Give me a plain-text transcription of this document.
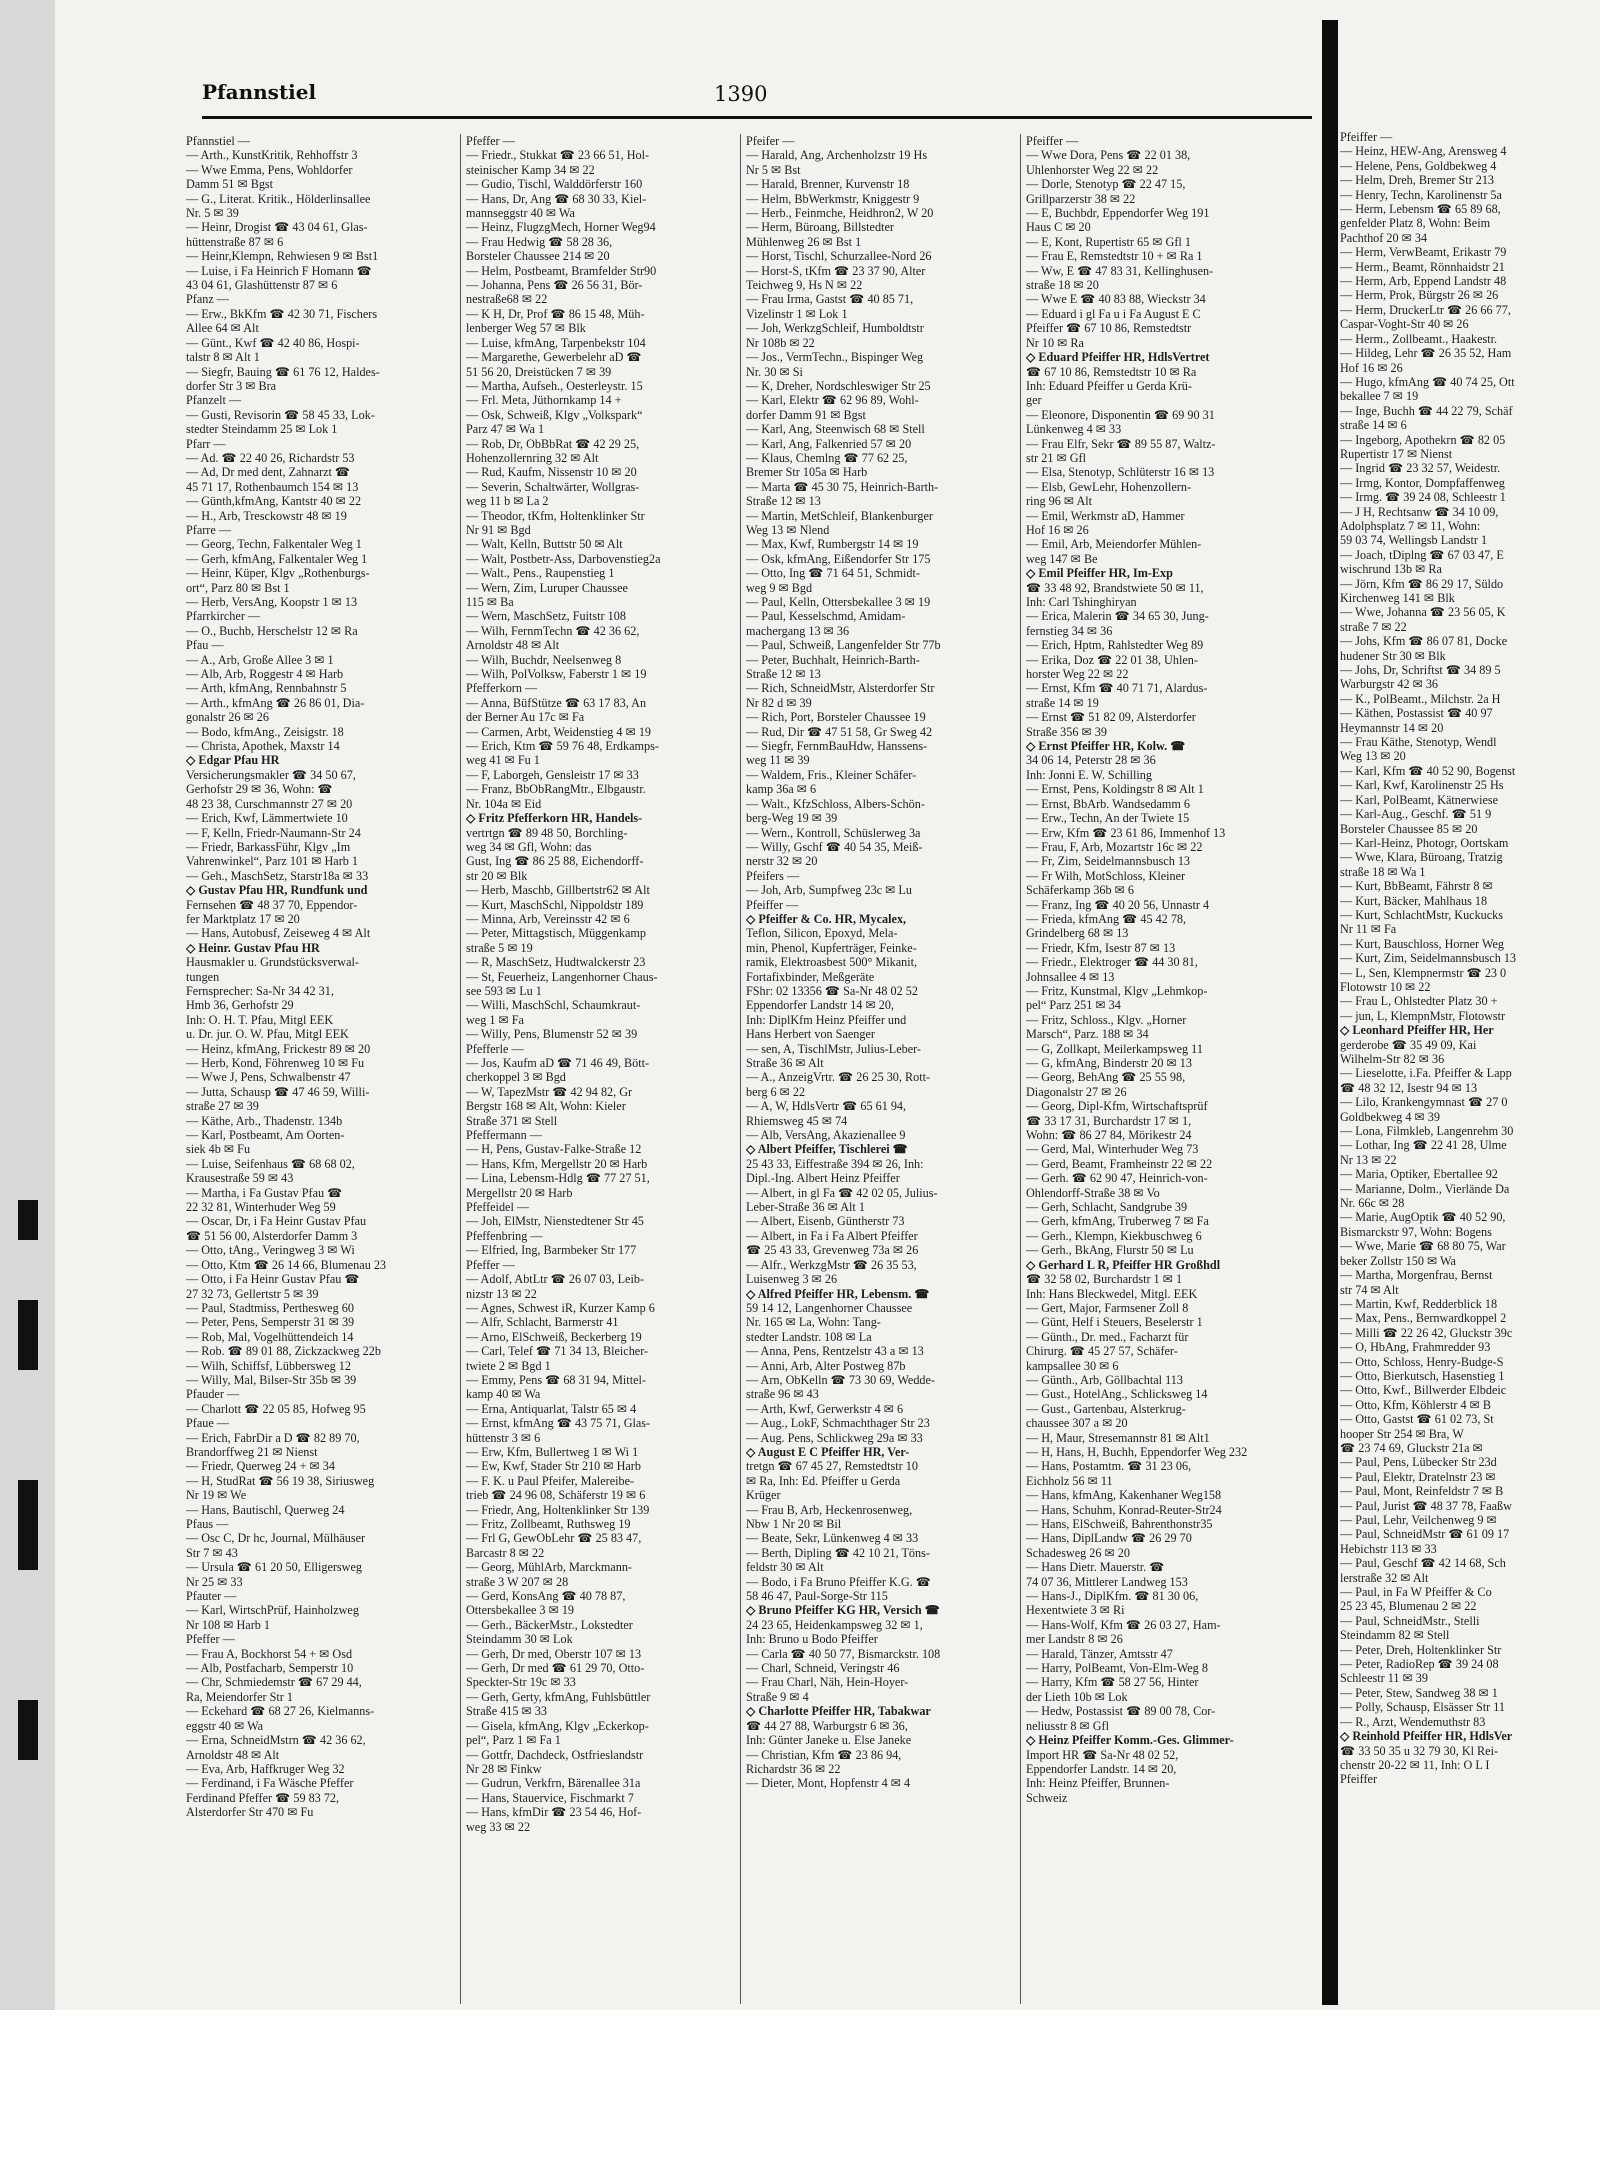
Pfannstiel	1390
Pfannstiel —
— Arth., KunstKritik, Rehhoffstr 3
— Wwe Emma, Pens, Wohldorfer
Damm 51 ✉ Bgst
— G., Literat. Kritik., Hölderlinsallee
Nr. 5 ✉ 39
— Heinr, Drogist ☎ 43 04 61, Glas-
hüttenstraße 87 ✉ 6
— Heinr,Klempn, Rehwiesen 9 ✉ Bst1
— Luise, i Fa Heinrich F Homann ☎
43 04 61, Glashüttenstr 87 ✉ 6
Pfanz —
— Erw., BkKfm ☎ 42 30 71, Fischers
Allee 64 ✉ Alt
— Günt., Kwf ☎ 42 40 86, Hospi-
talstr 8 ✉ Alt 1
— Siegfr, Bauing ☎ 61 76 12, Haldes-
dorfer Str 3 ✉ Bra
Pfanzelt —
— Gusti, Revisorin ☎ 58 45 33, Lok-
stedter Steindamm 25 ✉ Lok 1
Pfarr —
— Ad. ☎ 22 40 26, Richardstr 53
— Ad, Dr med dent, Zahnarzt ☎
45 71 17, Rothenbaumch 154 ✉ 13
— Günth,kfmAng, Kantstr 40 ✉ 22
— H., Arb, Tresckowstr 48 ✉ 19
Pfarre —
— Georg, Techn, Falkentaler Weg 1
— Gerh, kfmAng, Falkentaler Weg 1
— Heinr, Küper, Klgv „Rothenburgs-
ort“, Parz 80 ✉ Bst 1
— Herb, VersAng, Koopstr 1 ✉ 13
Pfarrkircher —
— O., Buchb, Herschelstr 12 ✉ Ra
Pfau —
— A., Arb, Große Allee 3 ✉ 1
— Alb, Arb, Roggestr 4 ✉ Harb
— Arth, kfmAng, Rennbahnstr 5
— Arth., kfmAng ☎ 26 86 01, Dia-
gonalstr 26 ✉ 26
— Bodo, kfmAng., Zeisigstr. 18
— Christa, Apothek, Maxstr 14
◇ Edgar Pfau HR
Versicherungsmakler ☎ 34 50 67,
Gerhofstr 29 ✉ 36, Wohn: ☎
48 23 38, Curschmannstr 27 ✉ 20
— Erich, Kwf, Lämmertwiete 10
— F, Kelln, Friedr-Naumann-Str 24
— Friedr, BarkassFühr, Klgv „Im
Vahrenwinkel“, Parz 101 ✉ Harb 1
— Geh., MaschSetz, Starstr18a ✉ 33
◇ Gustav Pfau HR, Rundfunk und
Fernsehen ☎ 48 37 70, Eppendor-
fer Marktplatz 17 ✉ 20
— Hans, Autobusf, Zeiseweg 4 ✉ Alt
◇ Heinr. Gustav Pfau HR
Hausmakler u. Grundstücksverwal-
tungen
Fernsprecher: Sa-Nr 34 42 31,
Hmb 36, Gerhofstr 29
Inh: O. H. T. Pfau, Mitgl EEK
u. Dr. jur. O. W. Pfau, Mitgl EEK
— Heinz, kfmAng, Frickestr 89 ✉ 20
— Herb, Kond, Föhrenweg 10 ✉ Fu
— Wwe J, Pens, Schwalbenstr 47
— Jutta, Schausp ☎ 47 46 59, Willi-
straße 27 ✉ 39
— Käthe, Arb., Thadenstr. 134b
— Karl, Postbeamt, Am Oorten-
siek 4b ✉ Fu
— Luise, Seifenhaus ☎ 68 68 02,
Krausestraße 59 ✉ 43
— Martha, i Fa Gustav Pfau ☎
22 32 81, Winterhuder Weg 59
— Oscar, Dr, i Fa Heinr Gustav Pfau
☎ 51 56 00, Alsterdorfer Damm 3
— Otto, tAng., Veringweg 3 ✉ Wi
— Otto, Ktm ☎ 26 14 66, Blumenau 23
— Otto, i Fa Heinr Gustav Pfau ☎
27 32 73, Gellertstr 5 ✉ 39
— Paul, Stadtmiss, Perthesweg 60
— Peter, Pens, Semperstr 31 ✉ 39
— Rob, Mal, Vogelhüttendeich 14
— Rob. ☎ 89 01 88, Zickzackweg 22b
— Wilh, Schiffsf, Lübbersweg 12
— Willy, Mal, Bilser-Str 35b ✉ 39
Pfauder —
— Charlott ☎ 22 05 85, Hofweg 95
Pfaue —
— Erich, FabrDir a D ☎ 82 89 70,
Brandorffweg 21 ✉ Nienst
— Friedr, Querweg 24 + ✉ 34
— H, StudRat ☎ 56 19 38, Siriusweg
Nr 19 ✉ We
— Hans, Bautischl, Querweg 24
Pfaus —
— Osc C, Dr hc, Journal, Mülhäuser
Str 7 ✉ 43
— Ursula ☎ 61 20 50, Elligersweg
Nr 25 ✉ 33
Pfauter —
— Karl, WirtschPrüf, Hainholzweg
Nr 108 ✉ Harb 1
Pfeffer —
— Frau A, Bockhorst 54 + ✉ Osd
— Alb, Postfacharb, Semperstr 10
— Chr, Schmiedemstr ☎ 67 29 44,
Ra, Meiendorfer Str 1
— Eckehard ☎ 68 27 26, Kielmanns-
eggstr 40 ✉ Wa
— Erna, SchneidMstrn ☎ 42 36 62,
Arnoldstr 48 ✉ Alt
— Eva, Arb, Haffkruger Weg 32
— Ferdinand, i Fa Wäsche Pfeffer
Ferdinand Pfeffer ☎ 59 83 72,
Alsterdorfer Str 470 ✉ Fu
Pfeffer —
— Friedr., Stukkat ☎ 23 66 51, Hol-
steinischer Kamp 34 ✉ 22
— Gudio, Tischl, Walddörferstr 160
— Hans, Dr, Ang ☎ 68 30 33, Kiel-
mannseggstr 40 ✉ Wa
— Heinz, FlugzgMech, Horner Weg94
— Frau Hedwig ☎ 58 28 36,
Borsteler Chaussee 214 ✉ 20
— Helm, Postbeamt, Bramfelder Str90
— Johanna, Pens ☎ 26 56 31, Bör-
nestraße68 ✉ 22
— K H, Dr, Prof ☎ 86 15 48, Müh-
lenberger Weg 57 ✉ Blk
— Luise, kfmAng, Tarpenbekstr 104
— Margarethe, Gewerbelehr aD ☎
51 56 20, Dreistücken 7 ✉ 39
— Martha, Aufseh., Oesterleystr. 15
— Frl. Meta, Jüthornkamp 14 +
— Osk, Schweiß, Klgv „Volkspark“
Parz 47 ✉ Wa 1
— Rob, Dr, ObBbRat ☎ 42 29 25,
Hohenzollernring 32 ✉ Alt
— Rud, Kaufm, Nissenstr 10 ✉ 20
— Severin, Schaltwärter, Wollgras-
weg 11 b ✉ La 2
— Theodor, tKfm, Holtenklinker Str
Nr 91 ✉ Bgd
— Walt, Kelln, Buttstr 50 ✉ Alt
— Walt, Postbetr-Ass, Darbovenstieg2a
— Walt., Pens., Raupenstieg 1
— Wern, Zim, Luruper Chaussee
115 ✉ Ba
— Wern, MaschSetz, Fuitstr 108
— Wilh, FernmTechn ☎ 42 36 62,
Arnoldstr 48 ✉ Alt
— Wilh, Buchdr, Neelsenweg 8
— Wilh, PolVolksw, Faberstr 1 ✉ 19
Pfefferkorn —
— Anna, BüfStütze ☎ 63 17 83, An
der Berner Au 17c ✉ Fa
— Carmen, Arbt, Weidenstieg 4 ✉ 19
— Erich, Ktm ☎ 59 76 48, Erdkamps-
weg 41 ✉ Fu 1
— F, Laborgeh, Gensleistr 17 ✉ 33
— Franz, BbObRangMtr., Elbgaustr.
Nr. 104a ✉ Eid
◇ Fritz Pfefferkorn HR, Handels-
vertrtgn ☎ 89 48 50, Borchling-
weg 34 ✉ Gfl, Wohn: das
Gust, Ing ☎ 86 25 88, Eichendorff-
str 20 ✉ Blk
— Herb, Maschb, Gillbertstr62 ✉ Alt
— Kurt, MaschSchl, Nippoldstr 189
— Minna, Arb, Vereinsstr 42 ✉ 6
— Peter, Mittagstisch, Müggenkamp
straße 5 ✉ 19
— R, MaschSetz, Hudtwalckerstr 23
— St, Feuerheiz, Langenhorner Chaus-
see 593 ✉ Lu 1
— Willi, MaschSchl, Schaumkraut-
weg 1 ✉ Fa
— Willy, Pens, Blumenstr 52 ✉ 39
Pfefferle —
— Jos, Kaufm aD ☎ 71 46 49, Bött-
cherkoppel 3 ✉ Bgd
— W, TapezMstr ☎ 42 94 82, Gr
Bergstr 168 ✉ Alt, Wohn: Kieler
Straße 371 ✉ Stell
Pfeffermann —
— H, Pens, Gustav-Falke-Straße 12
— Hans, Kfm, Mergellstr 20 ✉ Harb
— Lina, Lebensm-Hdlg ☎ 77 27 51,
Mergellstr 20 ✉ Harb
Pfeffeidel —
— Joh, ElMstr, Nienstedtener Str 45
Pfeffenbring —
— Elfried, Ing, Barmbeker Str 177
Pfeffer —
— Adolf, AbtLtr ☎ 26 07 03, Leib-
nizstr 13 ✉ 22
— Agnes, Schwest iR, Kurzer Kamp 6
— Alfr, Schlacht, Barmerstr 41
— Arno, ElSchweiß, Beckerberg 19
— Carl, Telef ☎ 71 34 13, Bleicher-
twiete 2 ✉ Bgd 1
— Emmy, Pens ☎ 68 31 94, Mittel-
kamp 40 ✉ Wa
— Erna, Antiquarlat, Talstr 65 ✉ 4
— Ernst, kfmAng ☎ 43 75 71, Glas-
hüttenstr 3 ✉ 6
— Erw, Kfm, Bullertweg 1 ✉ Wi 1
— Ew, Kwf, Stader Str 210 ✉ Harb
— F. K. u Paul Pfeifer, Malereibe-
trieb ☎ 24 96 08, Schäferstr 19 ✉ 6
— Friedr, Ang, Holtenklinker Str 139
— Fritz, Zollbeamt, Ruthsweg 19
— Frl G, GewObLehr ☎ 25 83 47,
Barcastr 8 ✉ 22
— Georg, MühlArb, Marckmann-
straße 3 W 207 ✉ 28
— Gerd, KonsAng ☎ 40 78 87,
Ottersbekallee 3 ✉ 19
— Gerh., BäckerMstr., Lokstedter
Steindamm 30 ✉ Lok
— Gerh, Dr med, Oberstr 107 ✉ 13
— Gerh, Dr med ☎ 61 29 70, Otto-
Speckter-Str 19c ✉ 33
— Gerh, Gerty, kfmAng, Fuhlsbüttler
Straße 415 ✉ 33
— Gisela, kfmAng, Klgv „Eckerkop-
pel“, Parz 1 ✉ Fa 1
— Gottfr, Dachdeck, Ostfrieslandstr
Nr 28 ✉ Finkw
— Gudrun, Verkfrn, Bärenallee 31a
— Hans, Stauervice, Fischmarkt 7
— Hans, kfmDir ☎ 23 54 46, Hof-
weg 33 ✉ 22
Pfeifer —
— Harald, Ang, Archenholzstr 19 Hs
Nr 5 ✉ Bst
— Harald, Brenner, Kurvenstr 18
— Helm, BbWerkmstr, Kniggestr 9
— Herb., Feinmche, Heidhron2, W 20
— Herm, Büroang, Billstedter
Mühlenweg 26 ✉ Bst 1
— Horst, Tischl, Schurzallee-Nord 26
— Horst-S, tKfm ☎ 23 37 90, Alter
Teichweg 9, Hs N ✉ 22
— Frau Irma, Gastst ☎ 40 85 71,
Vizelinstr 1 ✉ Lok 1
— Joh, WerkzgSchleif, Humboldtstr
Nr 108b ✉ 22
— Jos., VermTechn., Bispinger Weg
Nr. 30 ✉ Si
— K, Dreher, Nordschleswiger Str 25
— Karl, Elektr ☎ 62 96 89, Wohl-
dorfer Damm 91 ✉ Bgst
— Karl, Ang, Steenwisch 68 ✉ Stell
— Karl, Ang, Falkenried 57 ✉ 20
— Klaus, Chemlng ☎ 77 62 25,
Bremer Str 105a ✉ Harb
— Marta ☎ 45 30 75, Heinrich-Barth-
Straße 12 ✉ 13
— Martin, MetSchleif, Blankenburger
Weg 13 ✉ Nlend
— Max, Kwf, Rumbergstr 14 ✉ 19
— Osk, kfmAng, Eißendorfer Str 175
— Otto, Ing ☎ 71 64 51, Schmidt-
weg 9 ✉ Bgd
— Paul, Kelln, Ottersbekallee 3 ✉ 19
— Paul, Kesselschmd, Amidam-
machergang 13 ✉ 36
— Paul, Schweiß, Langenfelder Str 77b
— Peter, Buchhalt, Heinrich-Barth-
Straße 12 ✉ 13
— Rich, SchneidMstr, Alsterdorfer Str
Nr 82 d ✉ 39
— Rich, Port, Borsteler Chaussee 19
— Rud, Dir ☎ 47 51 58, Gr Sweg 42
— Siegfr, FernmBauHdw, Hanssens-
weg 11 ✉ 39
— Waldem, Fris., Kleiner Schäfer-
kamp 36a ✉ 6
— Walt., KfzSchloss, Albers-Schön-
berg-Weg 19 ✉ 39
— Wern., Kontroll, Schüslerweg 3a
— Willy, Gschf ☎ 40 54 35, Meiß-
nerstr 32 ✉ 20
Pfeifers —
— Joh, Arb, Sumpfweg 23c ✉ Lu
Pfeiffer —
◇ Pfeiffer & Co. HR, Mycalex,
Teflon, Silicon, Epoxyd, Mela-
min, Phenol, Kupferträger, Feinke-
ramik, Elektroasbest 500° Mikanit,
Fortafixbinder, Meßgeräte
FShr: 02 13356 ☎ Sa-Nr 48 02 52
Eppendorfer Landstr 14 ✉ 20,
Inh: DiplKfm Heinz Pfeiffer und
Hans Herbert von Saenger
— sen, A, TischlMstr, Julius-Leber-
Straße 36 ✉ Alt
— A., AnzeigVrtr. ☎ 26 25 30, Rott-
berg 6 ✉ 22
— A, W, HdlsVertr ☎ 65 61 94,
Rhiemsweg 45 ✉ 74
— Alb, VersAng, Akazienallee 9
◇ Albert Pfeiffer, Tischlerei ☎
25 43 33, Eiffestraße 394 ✉ 26, Inh:
Dipl.-Ing. Albert Heinz Pfeiffer
— Albert, in gl Fa ☎ 42 02 05, Julius-
Leber-Straße 36 ✉ Alt 1
— Albert, Eisenb, Güntherstr 73
— Albert, in Fa i Fa Albert Pfeiffer
☎ 25 43 33, Grevenweg 73a ✉ 26
— Alfr., WerkzgMstr ☎ 26 35 53,
Luisenweg 3 ✉ 26
◇ Alfred Pfeiffer HR, Lebensm. ☎
59 14 12, Langenhorner Chaussee
Nr. 165 ✉ La, Wohn: Tang-
stedter Landstr. 108 ✉ La
— Anna, Pens, Rentzelstr 43 a ✉ 13
— Anni, Arb, Alter Postweg 87b
— Arn, ObKelln ☎ 73 30 69, Wedde-
straße 96 ✉ 43
— Arth, Kwf, Gerwerkstr 4 ✉ 6
— Aug., LokF, Schmachthager Str 23
— Aug. Pens, Schlickweg 29a ✉ 33
◇ August E C Pfeiffer HR, Ver-
tretgn ☎ 67 45 27, Remstedtstr 10
✉ Ra, Inh: Ed. Pfeiffer u Gerda
Krüger
— Frau B, Arb, Heckenrosenweg,
Nbw 1 Nr 20 ✉ Bil
— Beate, Sekr, Lünkenweg 4 ✉ 33
— Berth, Dipling ☎ 42 10 21, Töns-
feldstr 30 ✉ Alt
— Bodo, i Fa Bruno Pfeiffer K.G. ☎
58 46 47, Paul-Sorge-Str 115
◇ Bruno Pfeiffer KG HR, Versich ☎
24 23 65, Heidenkampsweg 32 ✉ 1,
Inh: Bruno u Bodo Pfeiffer
— Carla ☎ 40 50 77, Bismarckstr. 108
— Charl, Schneid, Veringstr 46
— Frau Charl, Näh, Hein-Hoyer-
Straße 9 ✉ 4
◇ Charlotte Pfeiffer HR, Tabakwar
☎ 44 27 88, Warburgstr 6 ✉ 36,
Inh: Günter Janeke u. Else Janeke
— Christian, Kfm ☎ 23 86 94,
Richardstr 36 ✉ 22
— Dieter, Mont, Hopfenstr 4 ✉ 4
Pfeiffer —
— Wwe Dora, Pens ☎ 22 01 38,
Uhlenhorster Weg 22 ✉ 22
— Dorle, Stenotyp ☎ 22 47 15,
Grillparzerstr 38 ✉ 22
— E, Buchbdr, Eppendorfer Weg 191
Haus C ✉ 20
— E, Kont, Rupertistr 65 ✉ Gfl 1
— Frau E, Remstedtstr 10 + ✉ Ra 1
— Ww, E ☎ 47 83 31, Kellinghusen-
straße 18 ✉ 20
— Wwe E ☎ 40 83 88, Wieckstr 34
— Eduard i gl Fa u i Fa August E C
Pfeiffer ☎ 67 10 86, Remstedtstr
Nr 10 ✉ Ra
◇ Eduard Pfeiffer HR, HdlsVertret
☎ 67 10 86, Remstedtstr 10 ✉ Ra
Inh: Eduard Pfeiffer u Gerda Krü-
ger
— Eleonore, Disponentin ☎ 69 90 31
Lünkenweg 4 ✉ 33
— Frau Elfr, Sekr ☎ 89 55 87, Waltz-
str 21 ✉ Gfl
— Elsa, Stenotyp, Schlüterstr 16 ✉ 13
— Elsb, GewLehr, Hohenzollern-
ring 96 ✉ Alt
— Emil, Werkmstr aD, Hammer
Hof 16 ✉ 26
— Emil, Arb, Meiendorfer Mühlen-
weg 147 ✉ Be
◇ Emil Pfeiffer HR, Im-Exp
☎ 33 48 92, Brandstwiete 50 ✉ 11,
Inh: Carl Tshinghiryan
— Erica, Malerin ☎ 34 65 30, Jung-
fernstieg 34 ✉ 36
— Erich, Hptm, Rahlstedter Weg 89
— Erika, Doz ☎ 22 01 38, Uhlen-
horster Weg 22 ✉ 22
— Ernst, Kfm ☎ 40 71 71, Alardus-
straße 14 ✉ 19
— Ernst ☎ 51 82 09, Alsterdorfer
Straße 356 ✉ 39
◇ Ernst Pfeiffer HR, Kolw. ☎
34 06 14, Peterstr 28 ✉ 36
Inh: Jonni E. W. Schilling
— Ernst, Pens, Koldingstr 8 ✉ Alt 1
— Ernst, BbArb. Wandsedamm 6
— Erw., Techn, An der Twiete 15
— Erw, Kfm ☎ 23 61 86, Immenhof 13
— Frau, F, Arb, Mozartstr 16c ✉ 22
— Fr, Zim, Seidelmannsbusch 13
— Fr Wilh, MotSchloss, Kleiner
Schäferkamp 36b ✉ 6
— Franz, Ing ☎ 40 20 56, Unnastr 4
— Frieda, kfmAng ☎ 45 42 78,
Grindelberg 68 ✉ 13
— Friedr, Kfm, Isestr 87 ✉ 13
— Friedr., Elektroger ☎ 44 30 81,
Johnsallee 4 ✉ 13
— Fritz, Kunstmal, Klgv „Lehmkop-
pel“ Parz 251 ✉ 34
— Fritz, Schloss., Klgv. „Horner
Marsch“, Parz. 188 ✉ 34
— G, Zollkapt, Meilerkampsweg 11
— G, kfmAng, Binderstr 20 ✉ 13
— Georg, BehAng ☎ 25 55 98,
Diagonalstr 27 ✉ 26
— Georg, Dipl-Kfm, Wirtschaftsprüf
☎ 33 17 31, Burchardstr 17 ✉ 1,
Wohn: ☎ 86 27 84, Mörikestr 24
— Gerd, Mal, Winterhuder Weg 73
— Gerd, Beamt, Framheinstr 22 ✉ 22
— Gerh. ☎ 62 90 47, Heinrich-von-
Ohlendorff-Straße 38 ✉ Vo
— Gerh, Schlacht, Sandgrube 39
— Gerh, kfmAng, Truberweg 7 ✉ Fa
— Gerh., Klempn, Kiekbuschweg 6
— Gerh., BkAng, Flurstr 50 ✉ Lu
◇ Gerhard L R, Pfeiffer HR Großhdl
☎ 32 58 02, Burchardstr 1 ✉ 1
Inh: Hans Bleckwedel, Mitgl. EEK
— Gert, Major, Farmsener Zoll 8
— Günt, Helf i Steuers, Beselerstr 1
— Günth., Dr. med., Facharzt für
Chirurg. ☎ 45 27 57, Schäfer-
kampsallee 30 ✉ 6
— Günth., Arb, Göllbachtal 113
— Gust., HotelAng., Schlicksweg 14
— Gust., Gartenbau, Alsterkrug-
chaussee 307 a ✉ 20
— H, Maur, Stresemannstr 81 ✉ Alt1
— H, Hans, H, Buchh, Eppendorfer Weg 232
— Hans, Postamtm. ☎ 31 23 06,
Eichholz 56 ✉ 11
— Hans, kfmAng, Kakenhaner Weg158
— Hans, Schuhm, Konrad-Reuter-Str24
— Hans, ElSchweiß, Bahrenthonstr35
— Hans, DiplLandw ☎ 26 29 70
Schadesweg 26 ✉ 20
— Hans Dietr. Mauerstr. ☎
74 07 36, Mittlerer Landweg 153
— Hans-J., DiplKfm. ☎ 81 30 06,
Hexentwiete 3 ✉ Ri
— Hans-Wolf, Kfm ☎ 26 03 27, Ham-
mer Landstr 8 ✉ 26
— Harald, Tänzer, Amtsstr 47
— Harry, PolBeamt, Von-Elm-Weg 8
— Harry, Kfm ☎ 58 27 56, Hinter
der Lieth 10b ✉ Lok
— Hedw, Postassist ☎ 89 00 78, Cor-
neliusstr 8 ✉ Gfl
◇ Heinz Pfeiffer Komm.-Ges. Glimmer-
Import HR ☎ Sa-Nr 48 02 52,
Eppendorfer Landstr. 14 ✉ 20,
Inh: Heinz Pfeiffer, Brunnen-
Schweiz
Pfeiffer —
— Heinz, HEW-Ang, Arensweg 4
— Helene, Pens, Goldbekweg 4
— Helm, Dreh, Bremer Str 213
— Henry, Techn, Karolinenstr 5a
— Herm, Lebensm ☎ 65 89 68,
genfelder Platz 8, Wohn: Beim
Pachthof 20 ✉ 34
— Herm, VerwBeamt, Erikastr 79
— Herm., Beamt, Rönnhaidstr 21
— Herm, Arb, Eppend Landstr 48
— Herm, Prok, Bürgstr 26 ✉ 26
— Herm, DruckerLtr ☎ 26 66 77,
Caspar-Voght-Str 40 ✉ 26
— Herm., Zollbeamt., Haakestr.
— Hildeg, Lehr ☎ 26 35 52, Ham
Hof 16 ✉ 26
— Hugo, kfmAng ☎ 40 74 25, Ott
bekallee 7 ✉ 19
— Inge, Buchh ☎ 44 22 79, Schäf
straße 14 ✉ 6
— Ingeborg, Apothekrn ☎ 82 05
Rupertistr 17 ✉ Nienst
— Ingrid ☎ 23 32 57, Weidestr.
— Irmg, Kontor, Dompfaffenweg
— Irmg. ☎ 39 24 08, Schleestr 1
— J H, Rechtsanw ☎ 34 10 09,
Adolphsplatz 7 ✉ 11, Wohn:
59 03 74, Wellingsb Landstr 1
— Joach, tDiplng ☎ 67 03 47, E
wischrund 13b ✉ Ra
— Jörn, Kfm ☎ 86 29 17, Süldo
Kirchenweg 141 ✉ Blk
— Wwe, Johanna ☎ 23 56 05, K
straße 7 ✉ 22
— Johs, Kfm ☎ 86 07 81, Docke
hudener Str 30 ✉ Blk
— Johs, Dr, Schriftst ☎ 34 89 5
Warburgstr 42 ✉ 36
— K., PolBeamt., Milchstr. 2a H
— Käthen, Postassist ☎ 40 97
Heymannstr 14 ✉ 20
— Frau Käthe, Stenotyp, Wendl
Weg 13 ✉ 20
— Karl, Kfm ☎ 40 52 90, Bogenst
— Karl, Kwf, Karolinenstr 25 Hs
— Karl, PolBeamt, Kätnerwiese
— Karl-Aug., Geschf. ☎ 51 9
Borsteler Chaussee 85 ✉ 20
— Karl-Heinz, Photogr, Oortskam
— Wwe, Klara, Büroang, Tratzig
straße 18 ✉ Wa 1
— Kurt, BbBeamt, Fährstr 8 ✉
— Kurt, Bäcker, Mahlhaus 18
— Kurt, SchlachtMstr, Kuckucks
Nr 11 ✉ Fa
— Kurt, Bauschloss, Horner Weg
— Kurt, Zim, Seidelmannsbusch 13
— L, Sen, Klempnermstr ☎ 23 0
Flotowstr 10 ✉ 22
— Frau L, Ohlstedter Platz 30 +
— jun, L, KlempnMstr, Flotowstr
◇ Leonhard Pfeiffer HR, Her
gerderobe ☎ 35 49 09, Kai
Wilhelm-Str 82 ✉ 36
— Lieselotte, i.Fa. Pfeiffer & Lapp
☎ 48 32 12, Isestr 94 ✉ 13
— Lilo, Krankengymnast ☎ 27 0
Goldbekweg 4 ✉ 39
— Lona, Filmkleb, Langenrehm 30
— Lothar, Ing ☎ 22 41 28, Ulme
Nr 13 ✉ 22
— Maria, Optiker, Ebertallee 92
— Marianne, Dolm., Vierlände Da
Nr. 66c ✉ 28
— Marie, AugOptik ☎ 40 52 90,
Bismarckstr 97, Wohn: Bogens
— Wwe, Marie ☎ 68 80 75, War
beker Zollstr 150 ✉ Wa
— Martha, Morgenfrau, Bernst
str 74 ✉ Alt
— Martin, Kwf, Redderblick 18
— Max, Pens., Bernwardkoppel 2
— Milli ☎ 22 26 42, Gluckstr 39c
— O, HbAng, Frahmredder 93
— Otto, Schloss, Henry-Budge-S
— Otto, Bierkutsch, Hasenstieg 1
— Otto, Kwf., Billwerder Elbdeic
— Otto, Kfm, Köhlerstr 4 ✉ B
— Otto, Gastst ☎ 61 02 73, St
hooper Str 254 ✉ Bra, W
☎ 23 74 69, Gluckstr 21a ✉
— Paul, Pens, Lübecker Str 23d
— Paul, Elektr, Dratelnstr 23 ✉
— Paul, Mont, Reinfeldstr 7 ✉ B
— Paul, Jurist ☎ 48 37 78, Faaßw
— Paul, Lehr, Veilchenweg 9 ✉
— Paul, SchneidMstr ☎ 61 09 17
Hebichstr 113 ✉ 33
— Paul, Geschf ☎ 42 14 68, Sch
lerstraße 32 ✉ Alt
— Paul, in Fa W Pfeiffer & Co
25 23 45, Blumenau 2 ✉ 22
— Paul, SchneidMstr., Stelli
Steindamm 82 ✉ Stell
— Peter, Dreh, Holtenklinker Str
— Peter, RadioRep ☎ 39 24 08
Schleestr 11 ✉ 39
— Peter, Stew, Sandweg 38 ✉ 1
— Polly, Schausp, Elsässer Str 11
— R., Arzt, Wendemuthstr 83
◇ Reinhold Pfeiffer HR, HdlsVer
☎ 33 50 35 u 32 79 30, Kl Rei-
chenstr 20-22 ✉ 11, Inh: O L I
Pfeiffer
